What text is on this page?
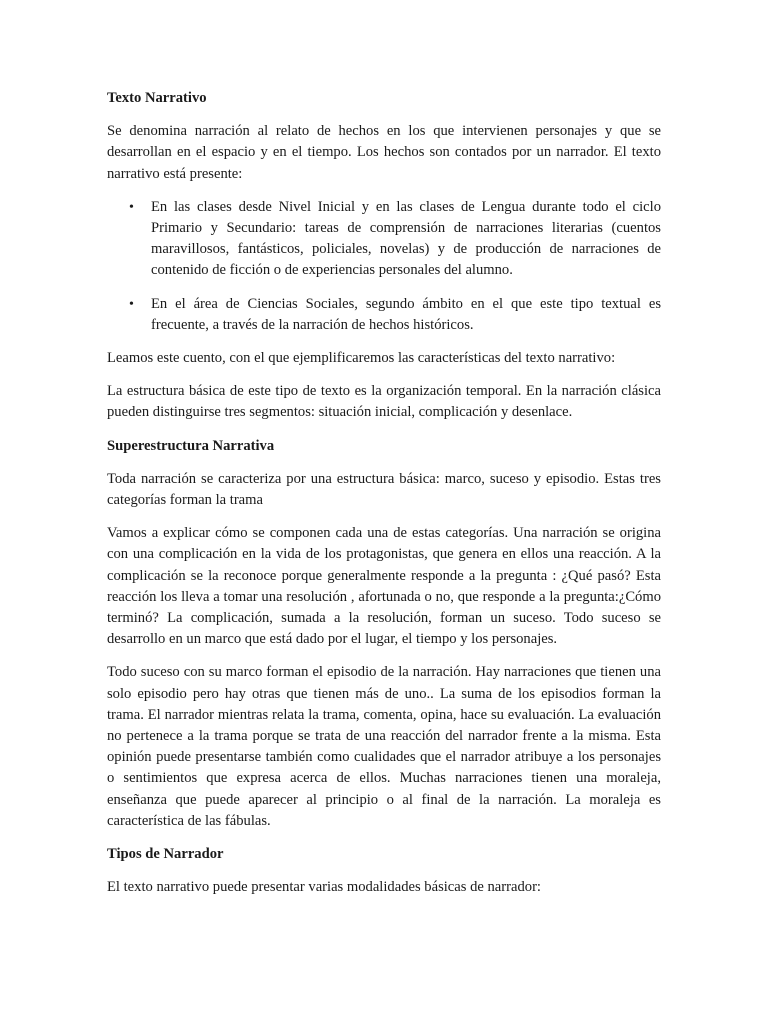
Texto Narrativo

Se denomina narración al relato de hechos en los que intervienen personajes y que se desarrollan en el espacio y en el tiempo. Los hechos son contados por un narrador. El texto narrativo está presente:

• En las clases desde Nivel Inicial y en las clases de Lengua durante todo el ciclo Primario y Secundario: tareas de comprensión de narraciones literarias (cuentos maravillosos, fantásticos, policiales, novelas) y de producción de narraciones de contenido de ficción o de experiencias personales del alumno.
• En el área de Ciencias Sociales, segundo ámbito en el que este tipo textual es frecuente, a través de la narración de hechos históricos.

Leamos este cuento, con el que ejemplificaremos las características del texto narrativo:

La estructura básica de este tipo de texto es la organización temporal. En la narración clásica pueden distinguirse tres segmentos: situación inicial, complicación y desenlace.

Superestructura Narrativa

Toda narración se caracteriza por una estructura básica: marco, suceso y episodio. Estas tres categorías forman la trama

Vamos a explicar cómo se componen cada una de estas categorías. Una narración se origina con una complicación en la vida de los protagonistas, que genera en ellos una reacción. A la complicación se la reconoce porque generalmente responde a la pregunta : ¿Qué pasó? Esta reacción los lleva a tomar una resolución , afortunada o no, que responde a la pregunta:¿Cómo terminó? La complicación, sumada a la resolución, forman un suceso. Todo suceso se desarrollo en un marco que está dado por el lugar, el tiempo y los personajes.

Todo suceso con su marco forman el episodio de la narración. Hay narraciones que tienen una solo episodio pero hay otras que tienen más de uno.. La suma de los episodios forman la trama. El narrador mientras relata la trama, comenta, opina, hace su evaluación. La evaluación no pertenece a la trama porque se trata de una reacción del narrador frente a la misma. Esta opinión puede presentarse también como cualidades que el narrador atribuye a los personajes o sentimientos que expresa acerca de ellos. Muchas narraciones tienen una moraleja, enseñanza que puede aparecer al principio o al final de la narración. La moraleja es característica de las fábulas.

Tipos de Narrador

El texto narrativo puede presentar varias modalidades básicas de narrador:
